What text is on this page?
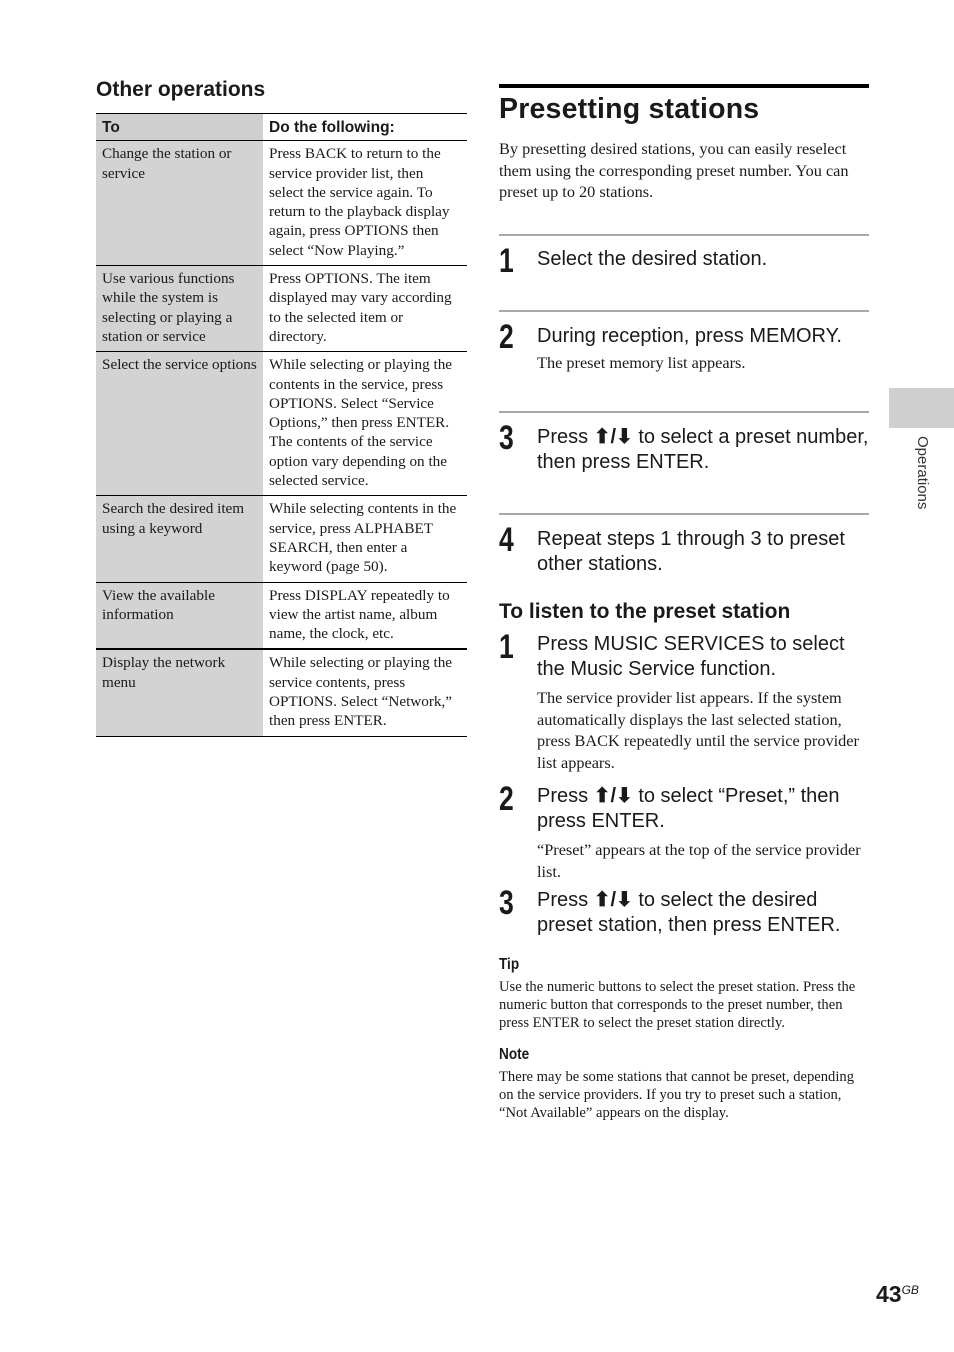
Other operations
To	Do the following:
Change the station or service	Press BACK to return to the service provider list, then select the service again. To return to the playback display again, press OPTIONS then select “Now Playing.”
Use various functions while the system is selecting or playing a station or service	Press OPTIONS. The item displayed may vary according to the selected item or directory.
Select the service options	While selecting or playing the contents in the service, press OPTIONS. Select “Service Options,” then press ENTER. The contents of the service option vary depending on the selected service.
Search the desired item using a keyword	While selecting contents in the service, press ALPHABET SEARCH, then enter a keyword (page 50).
View the available information	Press DISPLAY repeatedly to view the artist name, album name, the clock, etc.
Display the network menu	While selecting or playing the service contents, press OPTIONS. Select “Network,” then press ENTER.
Presetting stations

By presetting desired stations, you can easily reselect them using the corresponding preset number. You can preset up to 20 stations.

1 Select the desired station.
2 During reception, press MEMORY.
The preset memory list appears.
3 Press ⬆/⬇ to select a preset number, then press ENTER.
4 Repeat steps 1 through 3 to preset other stations.
To listen to the preset station
1 Press MUSIC SERVICES to select the Music Service function.
The service provider list appears. If the system automatically displays the last selected station, press BACK repeatedly until the service provider list appears.
2 Press ⬆/⬇ to select “Preset,” then press ENTER.
“Preset” appears at the top of the service provider list.
3 Press ⬆/⬇ to select the desired preset station, then press ENTER.
Tip
Use the numeric buttons to select the preset station. Press the numeric button that corresponds to the preset number, then press ENTER to select the preset station directly.
Note
There may be some stations that cannot be preset, depending on the service providers. If you try to preset such a station, “Not Available” appears on the display.
Operations
$43^{GB}$
